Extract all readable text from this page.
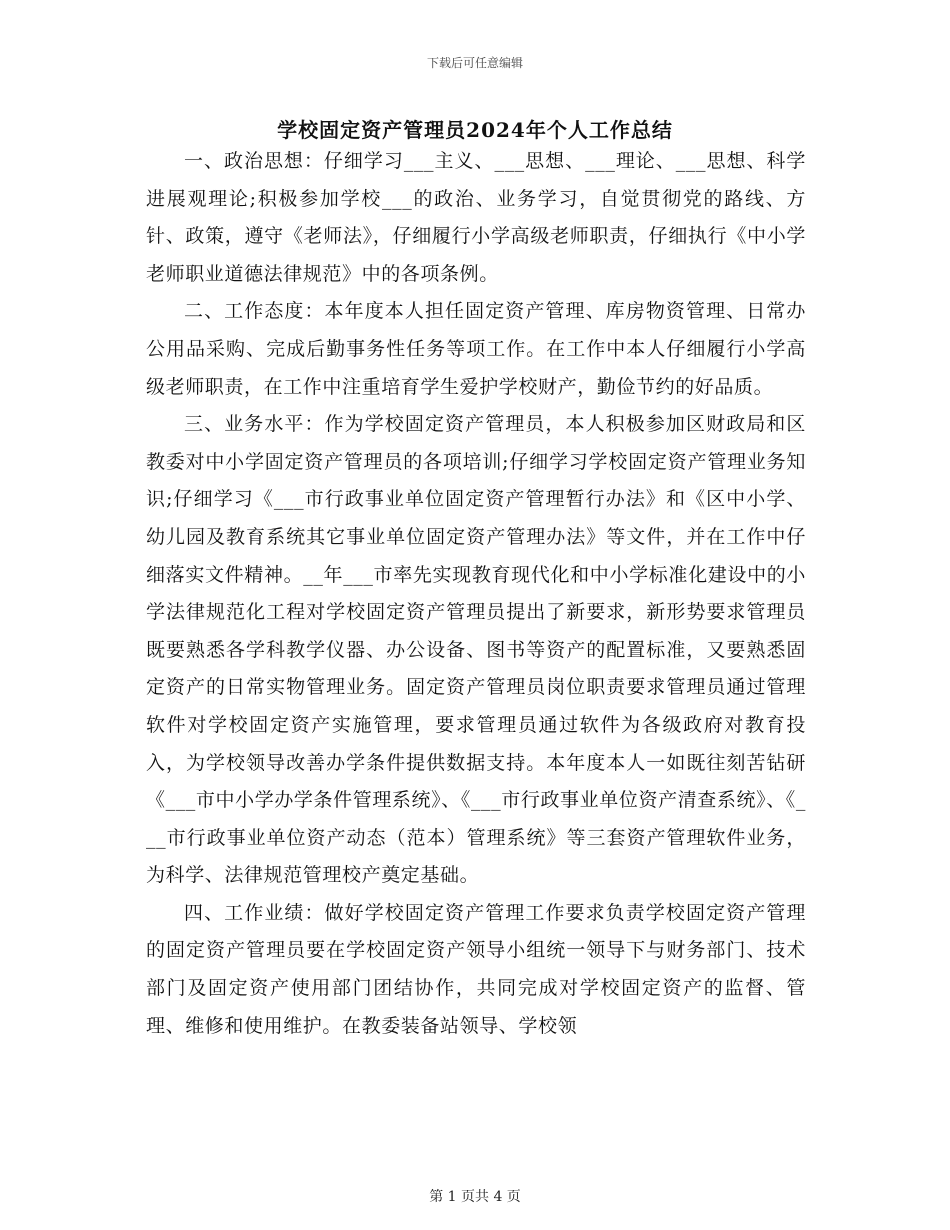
下载后可任意编辑
学校固定资产管理员2024年个人工作总结

一、政治思想：仔细学习___主义、___思想、___理论、___思想、科学进展观理论;积极参加学校___的政治、业务学习，自觉贯彻党的路线、方针、政策，遵守《老师法》，仔细履行小学高级老师职责，仔细执行《中小学老师职业道德法律规范》中的各项条例。

二、工作态度：本年度本人担任固定资产管理、库房物资管理、日常办公用品采购、完成后勤事务性任务等项工作。在工作中本人仔细履行小学高级老师职责，在工作中注重培育学生爱护学校财产，勤俭节约的好品质。

三、业务水平：作为学校固定资产管理员，本人积极参加区财政局和区教委对中小学固定资产管理员的各项培训;仔细学习学校固定资产管理业务知识;仔细学习《___市行政事业单位固定资产管理暂行办法》和《区中小学、幼儿园及教育系统其它事业单位固定资产管理办法》等文件，并在工作中仔细落实文件精神。__年___市率先实现教育现代化和中小学标准化建设中的小学法律规范化工程对学校固定资产管理员提出了新要求，新形势要求管理员既要熟悉各学科教学仪器、办公设备、图书等资产的配置标准，又要熟悉固定资产的日常实物管理业务。固定资产管理员岗位职责要求管理员通过管理软件对学校固定资产实施管理，要求管理员通过软件为各级政府对教育投入，为学校领导改善办学条件提供数据支持。本年度本人一如既往刻苦钻研《___市中小学办学条件管理系统》、《___市行政事业单位资产清查系统》、《___市行政事业单位资产动态（范本）管理系统》等三套资产管理软件业务，为科学、法律规范管理校产奠定基础。

四、工作业绩：做好学校固定资产管理工作要求负责学校固定资产管理的固定资产管理员要在学校固定资产领导小组统一领导下与财务部门、技术部门及固定资产使用部门团结协作，共同完成对学校固定资产的监督、管理、维修和使用维护。在教委装备站领导、学校领

第 1 页共 4 页
